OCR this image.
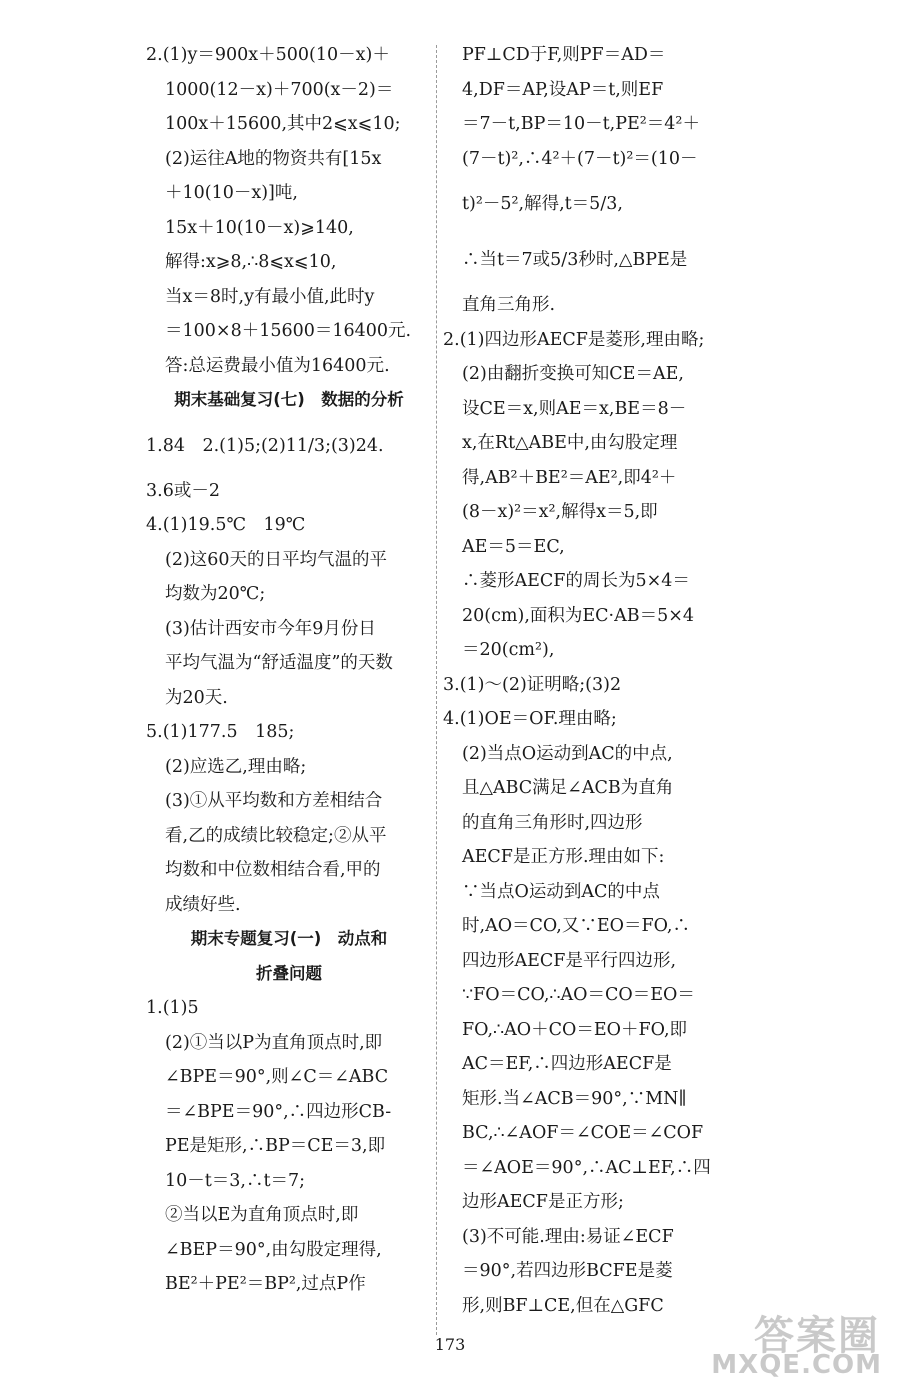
2.(1)y＝900x＋500(10－x)＋
1000(12－x)＋700(x－2)＝
100x＋15600,其中2⩽x⩽10;
(2)运往A地的物资共有[15x
＋10(10－x)]吨,
15x＋10(10－x)⩾140,
解得:x⩾8,∴8⩽x⩽10,
当x＝8时,y有最小值,此时y
＝100×8＋15600＝16400元.
答:总运费最小值为16400元.
期末基础复习(七)　数据的分析
1.84　2.(1)5;(2)11/3;(3)24.
3.6或－2
4.(1)19.5℃　19℃
(2)这60天的日平均气温的平
均数为20℃;
(3)估计西安市今年9月份日
平均气温为“舒适温度”的天数
为20天.
5.(1)177.5　185;
(2)应选乙,理由略;
(3)①从平均数和方差相结合
看,乙的成绩比较稳定;②从平
均数和中位数相结合看,甲的
成绩好些.
期末专题复习(一)　动点和
折叠问题
1.(1)5
(2)①当以P为直角顶点时,即
∠BPE＝90°,则∠C＝∠ABC
＝∠BPE＝90°,∴四边形CB-
PE是矩形,∴BP＝CE＝3,即
10－t＝3,∴t＝7;
②当以E为直角顶点时,即
∠BEP＝90°,由勾股定理得,
BE²＋PE²＝BP²,过点P作
PF⊥CD于F,则PF＝AD＝
4,DF＝AP,设AP＝t,则EF
＝7－t,BP＝10－t,PE²＝4²＋
(7－t)²,∴4²＋(7－t)²＝(10－
t)²－5²,解得,t＝5/3,
∴当t＝7或5/3秒时,△BPE是
直角三角形.
2.(1)四边形AECF是菱形,理由略;
(2)由翻折变换可知CE＝AE,
设CE＝x,则AE＝x,BE＝8－
x,在Rt△ABE中,由勾股定理
得,AB²＋BE²＝AE²,即4²＋
(8－x)²＝x²,解得x＝5,即
AE＝5＝EC,
∴菱形AECF的周长为5×4＝
20(cm),面积为EC·AB＝5×4
＝20(cm²),
3.(1)～(2)证明略;(3)2
4.(1)OE＝OF.理由略;
(2)当点O运动到AC的中点,
且△ABC满足∠ACB为直角
的直角三角形时,四边形
AECF是正方形.理由如下:
∵当点O运动到AC的中点
时,AO＝CO,又∵EO＝FO,∴
四边形AECF是平行四边形,
∵FO＝CO,∴AO＝CO＝EO＝
FO,∴AO＋CO＝EO＋FO,即
AC＝EF,∴四边形AECF是
矩形.当∠ACB＝90°,∵MN∥
BC,∴∠AOF＝∠COE＝∠COF
＝∠AOE＝90°,∴AC⊥EF,∴四
边形AECF是正方形;
(3)不可能.理由:易证∠ECF
＝90°,若四边形BCFE是菱
形,则BF⊥CE,但在△GFC
173	答案圈
MXQE.COM
